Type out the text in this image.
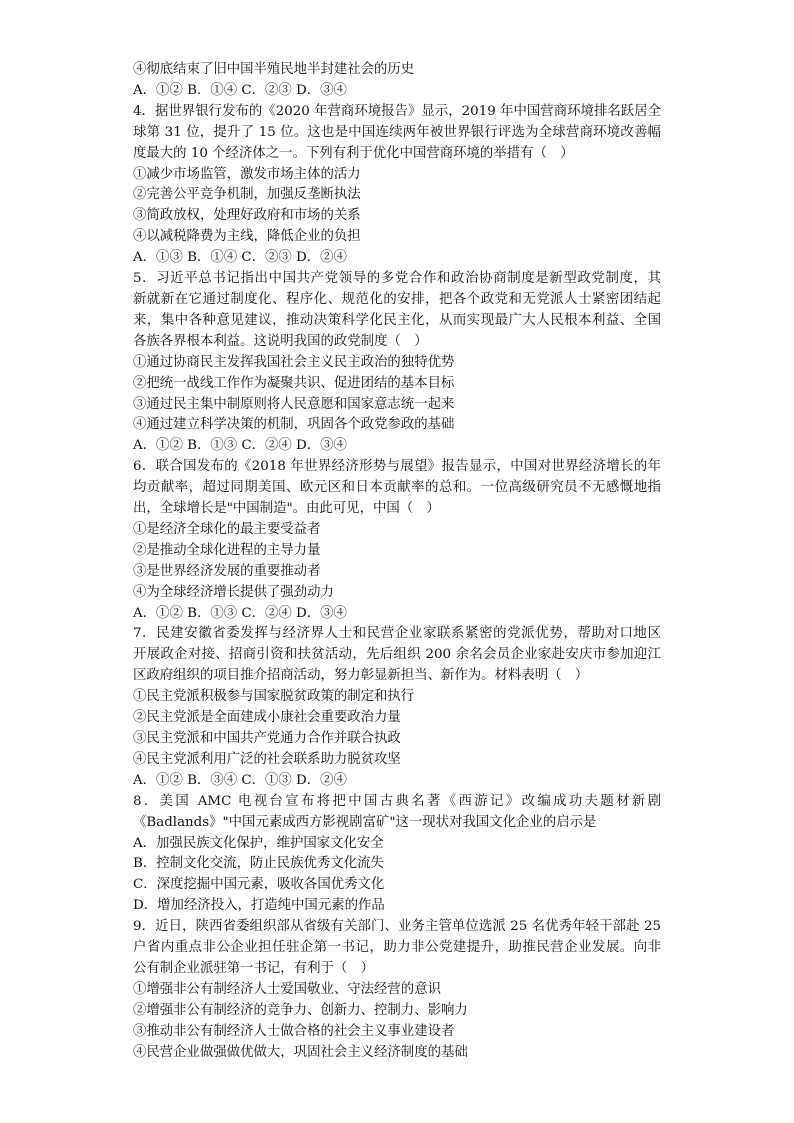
④彻底结束了旧中国半殖民地半封建社会的历史

A．①② B．①④ C．②③ D．③④

4．据世界银行发布的《2020 年营商环境报告》显示，2019 年中国营商环境排名跃居全

球第 31 位，提升了 15 位。这也是中国连续两年被世界银行评选为全球营商环境改善幅

度最大的 10 个经济体之一。下列有利于优化中国营商环境的举措有（　）

①减少市场监管，激发市场主体的活力

②完善公平竞争机制，加强反垄断执法

③简政放权，处理好政府和市场的关系

④以减税降费为主线，降低企业的负担

A．①③ B．①④ C．②③ D．②④

5．习近平总书记指出中国共产党领导的多党合作和政治协商制度是新型政党制度，其

新就新在它通过制度化、程序化、规范化的安排，把各个政党和无党派人士紧密团结起

来，集中各种意见建议，推动决策科学化民主化，从而实现最广大人民根本利益、全国

各族各界根本利益。这说明我国的政党制度（　）

①通过协商民主发挥我国社会主义民主政治的独特优势

②把统一战线工作作为凝聚共识、促进团结的基本目标

③通过民主集中制原则将人民意愿和国家意志统一起来

④通过建立科学决策的机制，巩固各个政党参政的基础

A．①② B．①③ C．②④ D．③④

6．联合国发布的《2018 年世界经济形势与展望》报告显示，中国对世界经济增长的年

均贡献率，超过同期美国、欧元区和日本贡献率的总和。一位高级研究员不无感慨地指

出，全球增长是"中国制造"。由此可见，中国（　）

①是经济全球化的最主要受益者

②是推动全球化进程的主导力量

③是世界经济发展的重要推动者

④为全球经济增长提供了强劲动力

A．①② B．①③ C．②④ D．③④

7．民建安徽省委发挥与经济界人士和民营企业家联系紧密的党派优势，帮助对口地区

开展政企对接、招商引资和扶贫活动，先后组织 200 余名会员企业家赴安庆市参加迎江

区政府组织的项目推介招商活动，努力彰显新担当、新作为。材料表明（　）

①民主党派积极参与国家脱贫政策的制定和执行

②民主党派是全面建成小康社会重要政治力量

③民主党派和中国共产党通力合作并联合执政

④民主党派利用广泛的社会联系助力脱贫攻坚

A．①② B．③④ C．①③ D．②④

8．美国 AMC 电视台宣布将把中国古典名著《西游记》改编成功夫题材新剧

《Badlands》"中国元素成西方影视剧富矿"这一现状对我国文化企业的启示是

A．加强民族文化保护，维护国家文化安全

B．控制文化交流，防止民族优秀文化流失

C．深度挖掘中国元素，吸收各国优秀文化

D．增加经济投入，打造纯中国元素的作品

9．近日，陕西省委组织部从省级有关部门、业务主管单位选派 25 名优秀年轻干部赴 25

户省内重点非公企业担任驻企第一书记，助力非公党建提升，助推民营企业发展。向非

公有制企业派驻第一书记，有利于（　）

①增强非公有制经济人士爱国敬业、守法经营的意识

②增强非公有制经济的竞争力、创新力、控制力、影响力

③推动非公有制经济人士做合格的社会主义事业建设者

④民营企业做强做优做大，巩固社会主义经济制度的基础
